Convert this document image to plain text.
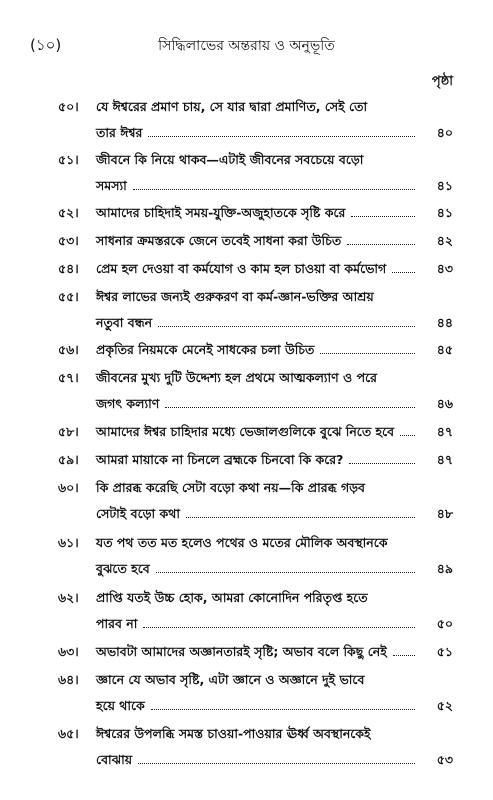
(১০)	সিদ্ধিলাভের অন্তরায় ও অনুভূতি
পৃষ্ঠা
৫০। যে ঈশ্বরের প্রমাণ চায়, সে যার দ্বারা প্রমাণিত, সেই তো
তার ঈশ্বর	৪০
৫১। জীবনে কি নিয়ে থাকব—এটাই জীবনের সবচেয়ে বড়ো
সমস্যা	৪১
৫২। আমাদের চাহিদাই সময়-যুক্তি-অজুহাতকে সৃষ্টি করে	৪১
৫৩। সাধনার ক্রমস্তরকে জেনে তবেই সাধনা করা উচিত	৪২
৫৪। প্রেম হল দেওয়া বা কর্মযোগ ও কাম হল চাওয়া বা কর্মভোগ	৪৩
৫৫। ঈশ্বর লাভের জন্যই গুরুকরণ বা কর্ম-জ্ঞান-ভক্তির আশ্রয়
নতুবা বন্ধন	৪৪
৫৬। প্রকৃতির নিয়মকে মেনেই সাধকের চলা উচিত	৪৫
৫৭। জীবনের মুখ্য দুটি উদ্দেশ্য হল প্রথমে আত্মকল্যাণ ও পরে
জগৎ কল্যাণ	৪৬
৫৮। আমাদের ঈশ্বর চাহিদার মধ্যে ভেজালগুলিকে বুঝে নিতে হবে	৪৭
৫৯। আমরা মায়াকে না চিনলে ব্রহ্মকে চিনবো কি করে?	৪৭
৬০। কি প্রারব্ধ করেছি সেটা বড়ো কথা নয়—কি প্রারব্ধ গড়ব
সেটাই বড়ো কথা	৪৮
৬১। যত পথ তত মত হলেও পথের ও মতের মৌলিক অবস্থানকে
বুঝতে হবে	৪৯
৬২। প্রাপ্তি যতই উচ্চ হোক, আমরা কোনোদিন পরিতৃপ্ত হতে
পারব না	৫০
৬৩। অভাবটা আমাদের অজ্ঞানতারই সৃষ্টি; অভাব বলে কিছু নেই	৫১
৬৪। জ্ঞানে যে অভাব সৃষ্টি, এটা জ্ঞানে ও অজ্ঞানে দুই ভাবে
হয়ে থাকে	৫২
৬৫। ঈশ্বরের উপলব্ধি সমস্ত চাওয়া-পাওয়ার ঊর্ধ্ব অবস্থানকেই
বোঝায়	৫৩
